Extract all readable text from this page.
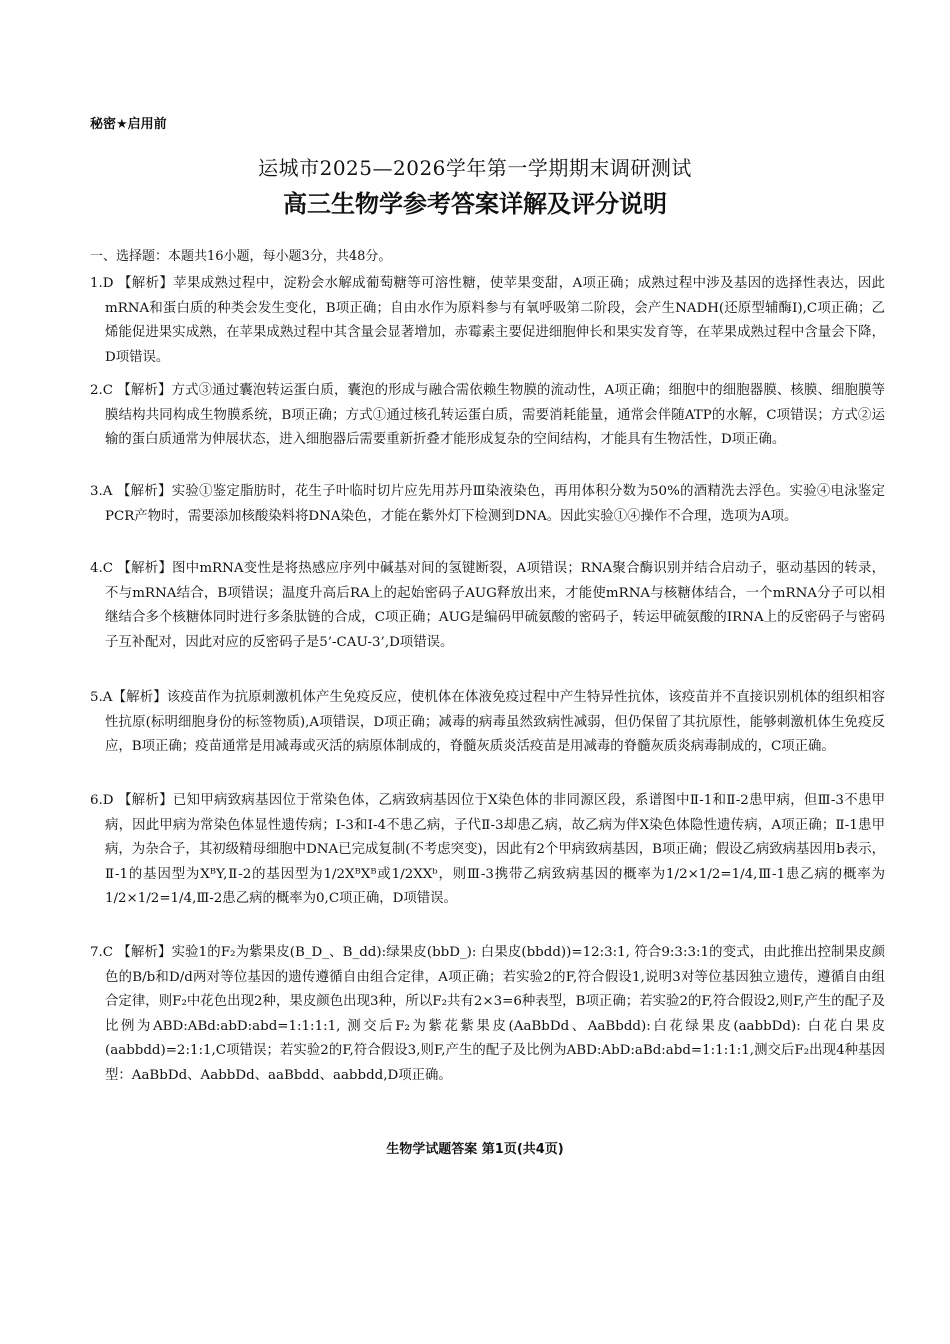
秘密★启用前
运城市2025—2026学年第一学期期末调研测试
高三生物学参考答案详解及评分说明
一、选择题：本题共16小题，每小题3分，共48分。
1.D 【解析】苹果成熟过程中，淀粉会水解成葡萄糖等可溶性糖，使苹果变甜，A项正确；成熟过程中涉及基因的选择性表达，因此mRNA和蛋白质的种类会发生变化，B项正确；自由水作为原料参与有氧呼吸第二阶段，会产生NADH(还原型辅酶I),C项正确；乙烯能促进果实成熟，在苹果成熟过程中其含量会显著增加，赤霉素主要促进细胞伸长和果实发育等，在苹果成熟过程中含量会下降，D项错误。
2.C 【解析】方式③通过囊泡转运蛋白质，囊泡的形成与融合需依赖生物膜的流动性，A项正确；细胞中的细胞器膜、核膜、细胞膜等膜结构共同构成生物膜系统，B项正确；方式①通过核孔转运蛋白质，需要消耗能量，通常会伴随ATP的水解，C项错误；方式②运输的蛋白质通常为伸展状态，进入细胞器后需要重新折叠才能形成复杂的空间结构，才能具有生物活性，D项正确。
3.A 【解析】实验①鉴定脂肪时，花生子叶临时切片应先用苏丹Ⅲ染液染色，再用体积分数为50%的酒精洗去浮色。实验④电泳鉴定PCR产物时，需要添加核酸染料将DNA染色，才能在紫外灯下检测到DNA。因此实验①④操作不合理，选项为A项。
4.C 【解析】图中mRNA变性是将热感应序列中碱基对间的氢键断裂，A项错误；RNA聚合酶识别并结合启动子，驱动基因的转录，不与mRNA结合，B项错误；温度升高后RA上的起始密码子AUG释放出来，才能使mRNA与核糖体结合，一个mRNA分子可以相继结合多个核糖体同时进行多条肽链的合成，C项正确；AUG是编码甲硫氨酸的密码子，转运甲硫氨酸的IRNA上的反密码子与密码子互补配对，因此对应的反密码子是5’-CAU-3’,D项错误。
5.A【解析】该疫苗作为抗原刺激机体产生免疫反应，使机体在体液免疫过程中产生特异性抗体，该疫苗并不直接识别机体的组织相容性抗原(标明细胞身份的标签物质),A项错误，D项正确；减毒的病毒虽然致病性减弱，但仍保留了其抗原性，能够刺激机体生免疫反应，B项正确；疫苗通常是用减毒或灭活的病原体制成的，脊髓灰质炎活疫苗是用减毒的脊髓灰质炎病毒制成的，C项正确。
6.D 【解析】已知甲病致病基因位于常染色体，乙病致病基因位于X染色体的非同源区段，系谱图中Ⅱ-1和Ⅱ-2患甲病，但Ⅲ-3不患甲病，因此甲病为常染色体显性遗传病；I-3和I-4不患乙病，子代Ⅱ-3却患乙病，故乙病为伴X染色体隐性遗传病，A项正确；Ⅱ-1患甲病，为杂合子，其初级精母细胞中DNA已完成复制(不考虑突变)，因此有2个甲病致病基因，B项正确；假设乙病致病基因用b表示，Ⅱ-1的基因型为XᴮY,Ⅱ-2的基因型为1/2XᴮXᴮ或1/2XXᵇ，则Ⅲ-3携带乙病致病基因的概率为1/2×1/2=1/4,Ⅲ-1患乙病的概率为1/2×1/2=1/4,Ⅲ-2患乙病的概率为0,C项正确，D项错误。
7.C 【解析】实验1的F₂为紫果皮(B_D_、B_dd):绿果皮(bbD_): 白果皮(bbdd))=12:3:1, 符合9:3:3:1的变式，由此推出控制果皮颜色的B/b和D/d两对等位基因的遗传遵循自由组合定律，A项正确；若实验2的F,符合假设1,说明3对等位基因独立遗传，遵循自由组合定律，则F₂中花色出现2种，果皮颜色出现3种，所以F₂共有2×3=6种表型，B项正确；若实验2的F,符合假设2,则F,产生的配子及比例为ABD:ABd:abD:abd=1:1:1:1, 测交后F₂为紫花紫果皮(AaBbDd、AaBbdd):白花绿果皮(aabbDd): 白花白果皮(aabbdd)=2:1:1,C项错误；若实验2的F,符合假设3,则F,产生的配子及比例为ABD:AbD:aBd:abd=1:1:1:1,测交后F₂出现4种基因型：AaBbDd、AabbDd、aaBbdd、aabbdd,D项正确。
生物学试题答案 第1页(共4页)
